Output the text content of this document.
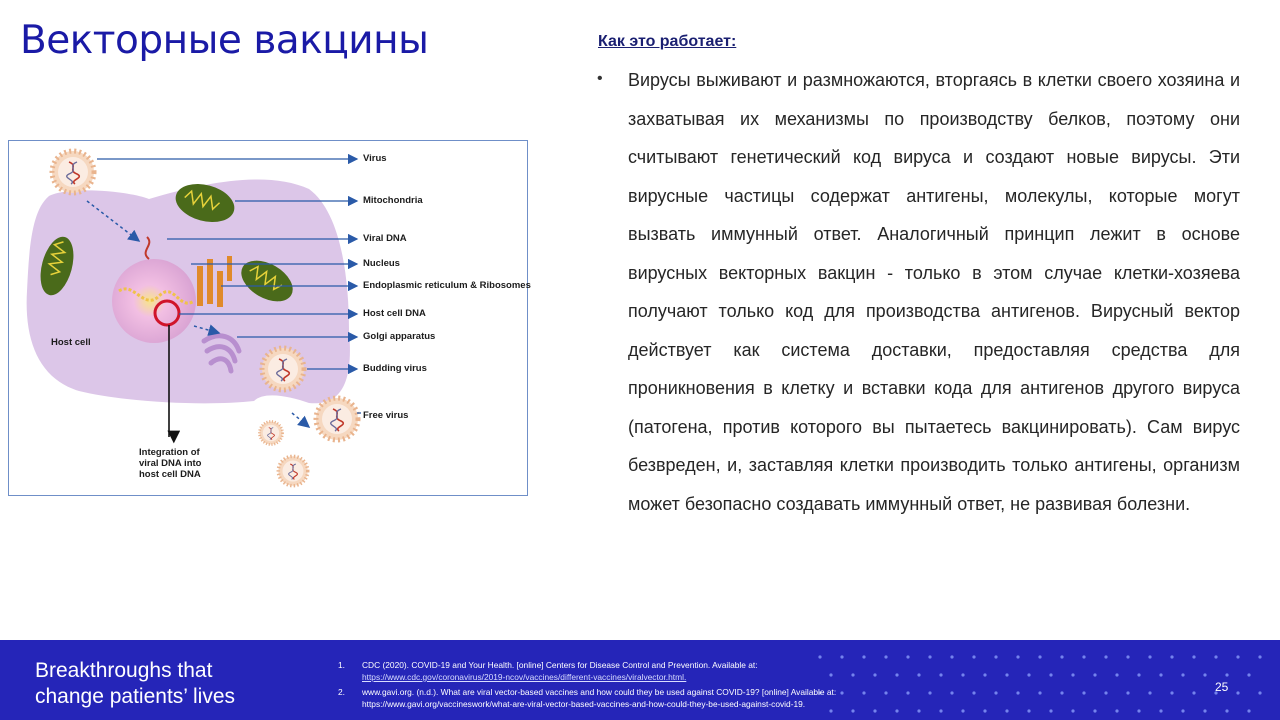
Векторные вакцины	Как это работает:
• Вирусы выживают и размножаются, вторгаясь в клетки своего хозяина и захватывая их механизмы по производству белков, поэтому они считывают генетический код вируса и создают новые вирусы. Эти вирусные частицы содержат антигены, молекулы, которые могут вызвать иммунный ответ. Аналогичный принцип лежит в основе вирусных векторных вакцин - только в этом случае клетки-хозяева получают только код для производства антигенов. Вирусный вектор действует как система доставки, предоставляя средства для проникновения в клетку и вставки кода для антигенов другого вируса (патогена, против которого вы пытаетесь вакцинировать). Сам вирус безвреден, и, заставляя клетки производить только антигены, организм может безопасно создавать иммунный ответ, не развивая болезни.

Virus
Mitochondria
Viral DNA
Nucleus
Endoplasmic reticulum & Ribosomes
Host cell DNA
Golgi apparatus
Budding virus
Free virus
Host cell
Integration of
viral DNA into
host cell DNA
Breakthroughs that
change patients’ lives
1. CDC (2020). COVID-19 and Your Health. [online] Centers for Disease Control and Prevention. Available at:
https://www.cdc.gov/coronavirus/2019-ncov/vaccines/different-vaccines/viralvector.html.
2. www.gavi.org. (n.d.). What are viral vector-based vaccines and how could they be used against COVID-19? [online] Available at:
https://www.gavi.org/vaccineswork/what-are-viral-vector-based-vaccines-and-how-could-they-be-used-against-covid-19.
25
